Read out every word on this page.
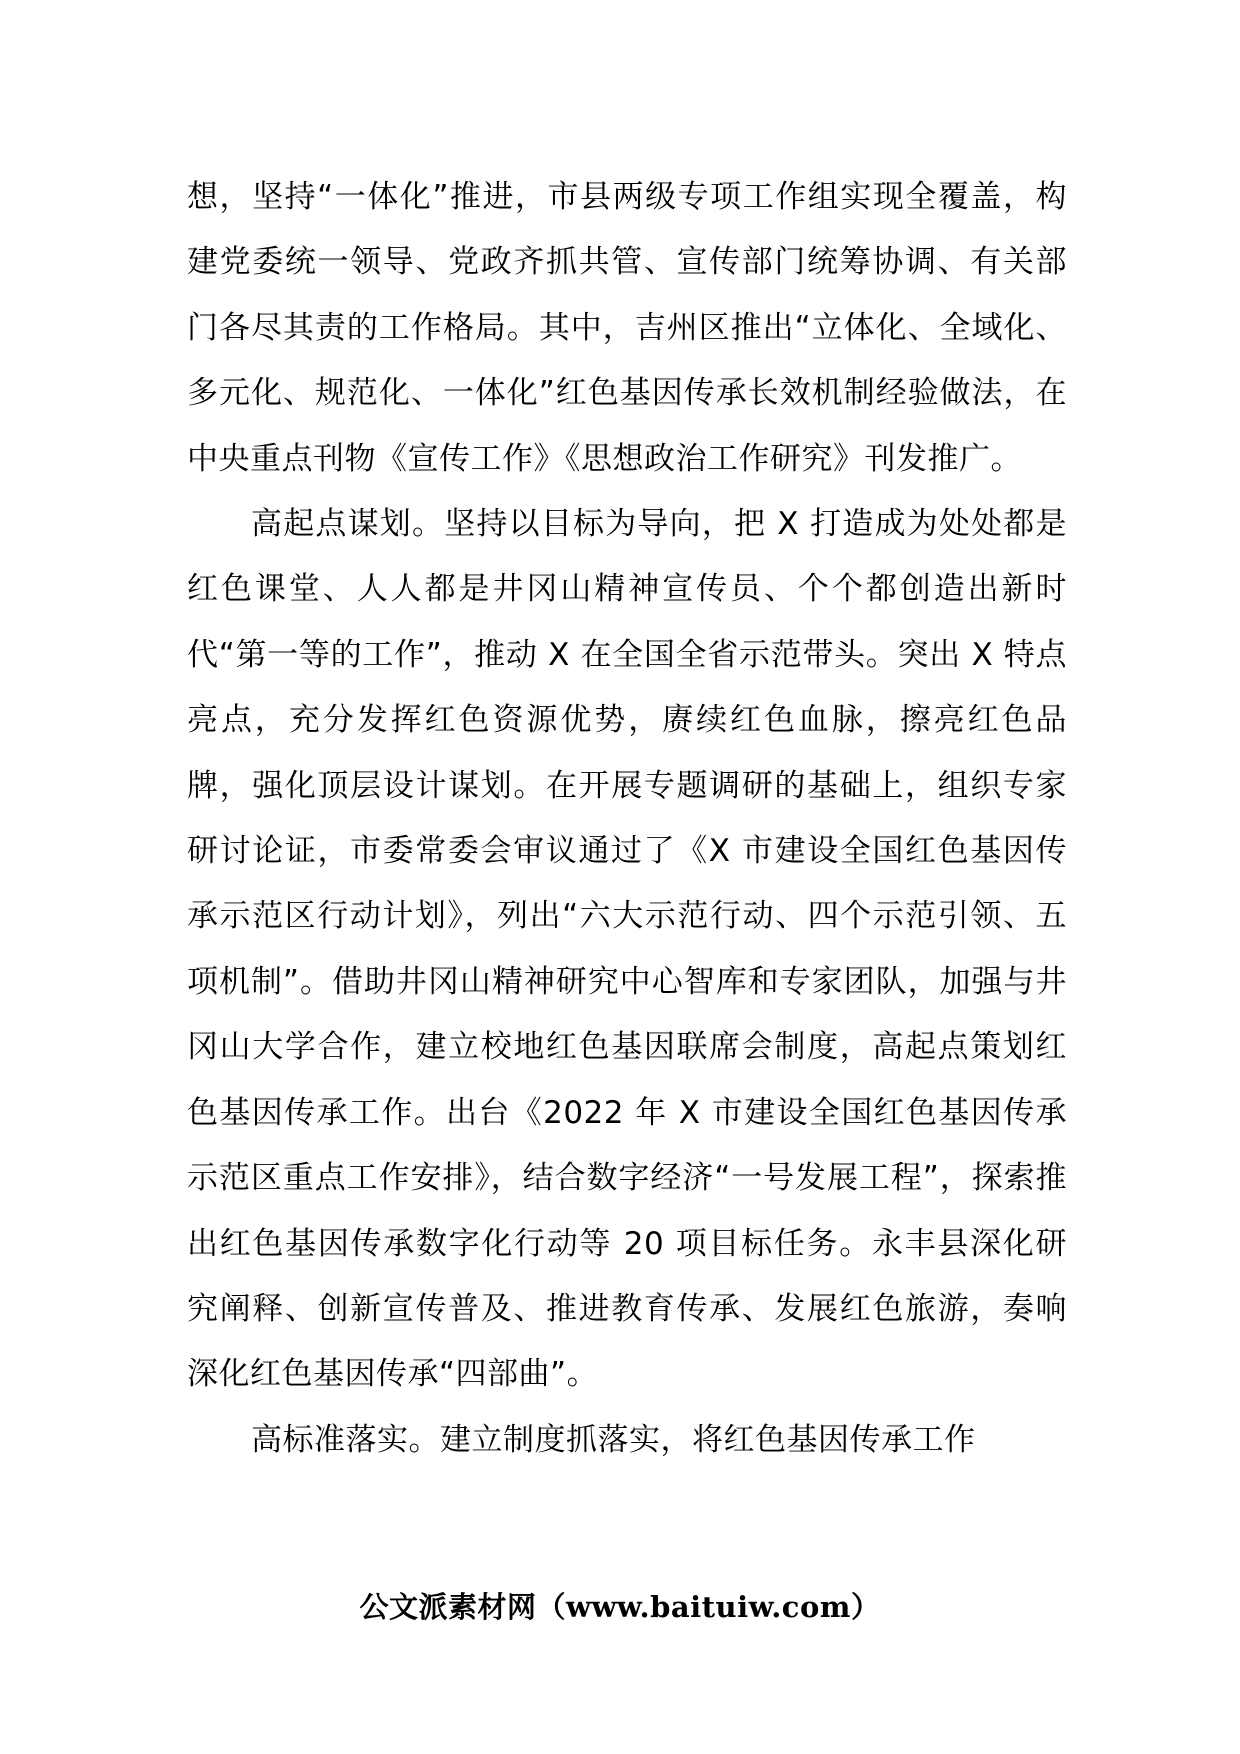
想，坚持“一体化”推进，市县两级专项工作组实现全覆盖，构建党委统一领导、党政齐抓共管、宣传部门统筹协调、有关部门各尽其责的工作格局。其中，吉州区推出“立体化、全域化、多元化、规范化、一体化”红色基因传承长效机制经验做法，在中央重点刊物《宣传工作》《思想政治工作研究》刊发推广。

高起点谋划。坚持以目标为导向，把 X 打造成为处处都是红色课堂、人人都是井冈山精神宣传员、个个都创造出新时代“第一等的工作”，推动 X 在全国全省示范带头。突出 X 特点亮点，充分发挥红色资源优势，赓续红色血脉，擦亮红色品牌，强化顶层设计谋划。在开展专题调研的基础上，组织专家研讨论证，市委常委会审议通过了《X 市建设全国红色基因传承示范区行动计划》，列出“六大示范行动、四个示范引领、五项机制”。借助井冈山精神研究中心智库和专家团队，加强与井冈山大学合作，建立校地红色基因联席会制度，高起点策划红色基因传承工作。出台《2022 年 X 市建设全国红色基因传承示范区重点工作安排》，结合数字经济“一号发展工程”，探索推出红色基因传承数字化行动等 20 项目标任务。永丰县深化研究阐释、创新宣传普及、推进教育传承、发展红色旅游，奏响深化红色基因传承“四部曲”。

高标准落实。建立制度抓落实，将红色基因传承工作

公文派素材网（www.baituiw.com）
